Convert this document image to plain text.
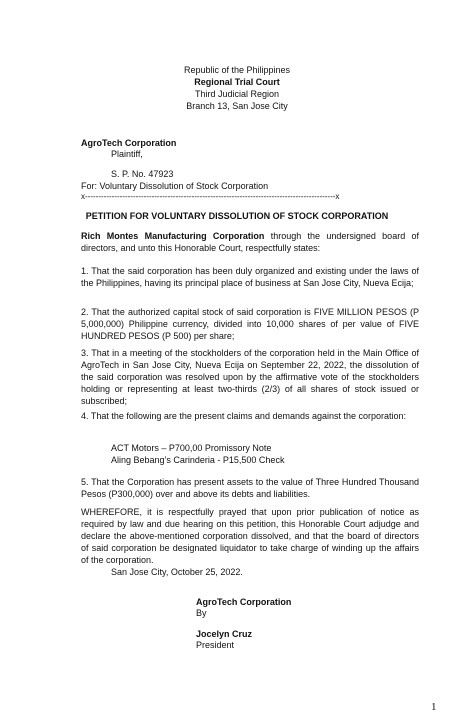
Republic of the Philippines
Regional Trial Court
Third Judicial Region
Branch 13, San Jose City
AgroTech Corporation
Plaintiff,
S. P. No. 47923
For: Voluntary Dissolution of Stock Corporation
x----------------------------------------------------------------------------------------------x
PETITION FOR VOLUNTARY DISSOLUTION OF STOCK CORPORATION
Rich Montes Manufacturing Corporation through the undersigned board of directors, and unto this Honorable Court, respectfully states:
1. That the said corporation has been duly organized and existing under the laws of the Philippines, having its principal place of business at San Jose City, Nueva Ecija;
2. That the authorized capital stock of said corporation is FIVE MILLION PESOS (P 5,000,000) Philippine currency, divided into 10,000 shares of per value of FIVE HUNDRED PESOS (P 500) per share;
3. That in a meeting of the stockholders of the corporation held in the Main Office of AgroTech in San Jose City, Nueva Ecija on September 22, 2022, the dissolution of the said corporation was resolved upon by the affirmative vote of the stockholders holding or representing at least two-thirds (2/3) of all shares of stock issued or subscribed;
4. That the following are the present claims and demands against the corporation:
ACT Motors – P700,00 Promissory Note
Aling Bebang’s Carinderia - P15,500 Check
5. That the Corporation has present assets to the value of Three Hundred Thousand Pesos (P300,000) over and above its debts and liabilities.
WHEREFORE, it is respectfully prayed that upon prior publication of notice as required by law and due hearing on this petition, this Honorable Court adjudge and declare the above-mentioned corporation dissolved, and that the board of directors of said corporation be designated liquidator to take charge of winding up the affairs of the corporation.
San Jose City, October 25, 2022.
AgroTech Corporation
By
Jocelyn Cruz
President
1
